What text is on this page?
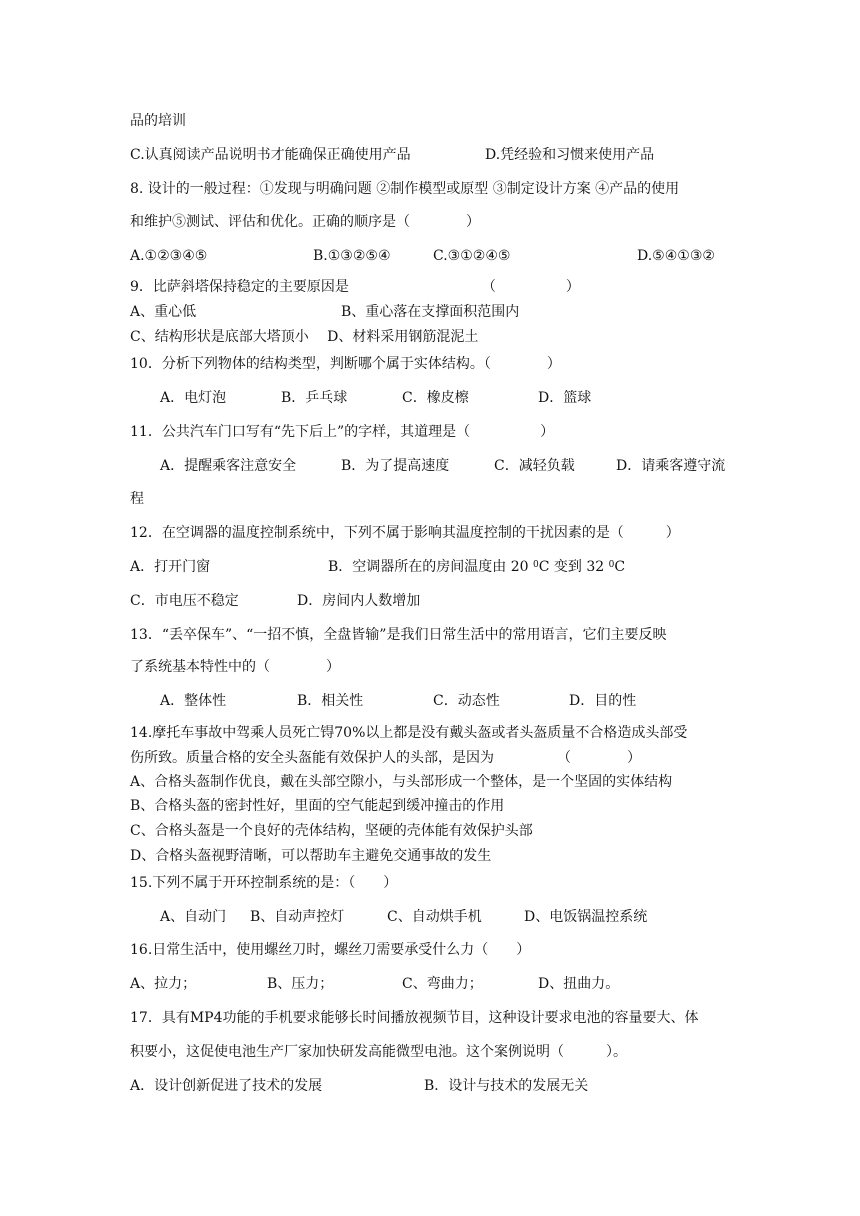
品的培训
C.认真阅读产品说明书才能确保正确使用产品	D.凭经验和习惯来使用产品
8. 设计的一般过程：①发现与明确问题 ②制作模型或原型 ③制定设计方案 ④产品的使用
和维护⑤测试、评估和优化。正确的顺序是（　　　　）
A.①②③④⑤	B.①③②⑤④	C.③①②④⑤	D.⑤④①③②
9．比萨斜塔保持稳定的主要原因是　　　　　　　　　　（　　　　　）
A、重心低	B、重心落在支撑面积范围内
C、结构形状是底部大塔顶小　 D、材料采用钢筋混泥土
10．分析下列物体的结构类型，判断哪个属于实体结构。（　　　　）
A．电灯泡	B．乒乓球	C．橡皮檫	D．篮球
11．公共汽车门口写有“先下后上”的字样，其道理是（　　　　　）
A．提醒乘客注意安全	B．为了提高速度	C．减轻负载	D．请乘客遵守流
程
12．在空调器的温度控制系统中，下列不属于影响其温度控制的干扰因素的是（　　　）
A．打开门窗	B．空调器所在的房间温度由 20 $^0$C 变到 32 $^0$C
C．市电压不稳定	D．房间内人数增加
13．“丢卒保车”、“一招不慎，全盘皆输”是我们日常生活中的常用语言，它们主要反映
了系统基本特性中的（　　　　）
A．整体性	B．相关性	C．动态性	D．目的性
14.摩托车事故中驾乘人员死亡锝70%以上都是没有戴头盔或者头盔质量不合格造成头部受
伤所致。质量合格的安全头盔能有效保护人的头部，是因为　　　　　（　　　　）
A、合格头盔制作优良，戴在头部空隙小，与头部形成一个整体，是一个坚固的实体结构
B、合格头盔的密封性好，里面的空气能起到缓冲撞击的作用
C、合格头盔是一个良好的壳体结构，坚硬的壳体能有效保护头部
D、合格头盔视野清晰，可以帮助车主避免交通事故的发生
15.下列不属于开环控制系统的是：（　　）
A、自动门 B、自动声控灯	C、自动烘手机	D、电饭锅温控系统
16.日常生活中，使用螺丝刀时，螺丝刀需要承受什么力（　　）
A、拉力；	B、压力；	C、弯曲力；	D、扭曲力。
17．具有MP4功能的手机要求能够长时间播放视频节目，这种设计要求电池的容量要大、体
积要小，这促使电池生产厂家加快研发高能微型电池。这个案例说明（　　　）。
A．设计创新促进了技术的发展	B．设计与技术的发展无关
